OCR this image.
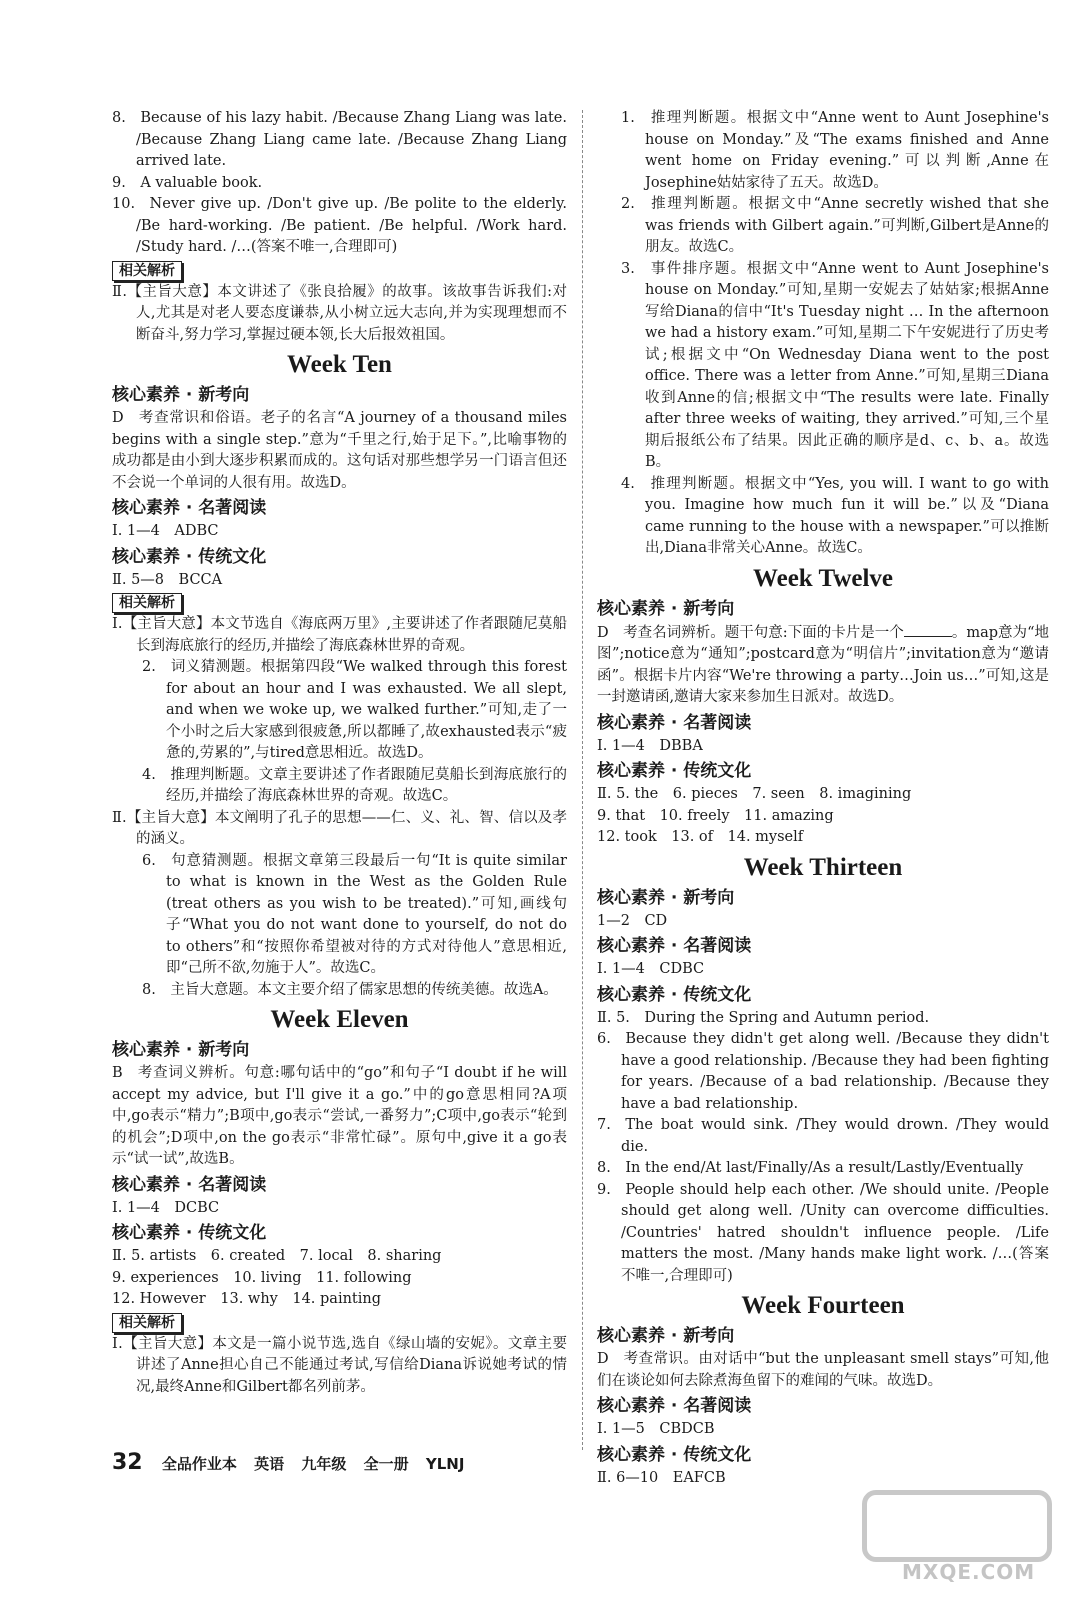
8. Because of his lazy habit. /Because Zhang Liang was late. /Because Zhang Liang came late. /Because Zhang Liang arrived late.

9. A valuable book.

10. Never give up. /Don't give up. /Be polite to the elderly. /Be hard-working. /Be patient. /Be helpful. /Work hard. /Study hard. /…(答案不唯一,合理即可)

相关解析

Ⅱ.【主旨大意】本文讲述了《张良拾履》的故事。该故事告诉我们:对人,尤其是对老人要态度谦恭,从小树立远大志向,并为实现理想而不断奋斗,努力学习,掌握过硬本领,长大后报效祖国。

Week Ten
核心素养 · 新考向

D 考查常识和俗语。老子的名言“A journey of a thousand miles begins with a single step.”意为“千里之行,始于足下。”,比喻事物的成功都是由小到大逐步积累而成的。这句话对那些想学另一门语言但还不会说一个单词的人很有用。故选D。

核心素养 · 名著阅读

Ⅰ. 1—4 ADBC

核心素养 · 传统文化

Ⅱ. 5—8 BCCA

相关解析

Ⅰ.【主旨大意】本文节选自《海底两万里》,主要讲述了作者跟随尼莫船长到海底旅行的经历,并描绘了海底森林世界的奇观。

2. 词义猜测题。根据第四段“We walked through this forest for about an hour and I was exhausted. We all slept, and when we woke up, we walked further.”可知,走了一个小时之后大家感到很疲惫,所以都睡了,故exhausted表示“疲惫的,劳累的”,与tired意思相近。故选D。

4. 推理判断题。文章主要讲述了作者跟随尼莫船长到海底旅行的经历,并描绘了海底森林世界的奇观。故选C。

Ⅱ.【主旨大意】本文阐明了孔子的思想——仁、义、礼、智、信以及孝的涵义。

6. 句意猜测题。根据文章第三段最后一句“It is quite similar to what is known in the West as the Golden Rule (treat others as you wish to be treated).”可知,画线句子“What you do not want done to yourself, do not do to others”和“按照你希望被对待的方式对待他人”意思相近,即“己所不欲,勿施于人”。故选C。

8. 主旨大意题。本文主要介绍了儒家思想的传统美德。故选A。

Week Eleven
核心素养 · 新考向

B 考查词义辨析。句意:哪句话中的“go”和句子“I doubt if he will accept my advice, but I'll give it a go.”中的go意思相同?A项中,go表示“精力”;B项中,go表示“尝试,一番努力”;C项中,go表示“轮到的机会”;D项中,on the go表示“非常忙碌”。原句中,give it a go表示“试一试”,故选B。

核心素养 · 名著阅读

Ⅰ. 1—4 DCBC

核心素养 · 传统文化

Ⅱ. 5. artists 6. created 7. local 8. sharing

9. experiences 10. living 11. following

12. However 13. why 14. painting

相关解析

Ⅰ.【主旨大意】本文是一篇小说节选,选自《绿山墙的安妮》。文章主要讲述了Anne担心自己不能通过考试,写信给Diana诉说她考试的情况,最终Anne和Gilbert都名列前茅。

1. 推理判断题。根据文中“Anne went to Aunt Josephine's house on Monday.”及“The exams finished and Anne went home on Friday evening.”可以判断,Anne在Josephine姑姑家待了五天。故选D。

2. 推理判断题。根据文中“Anne secretly wished that she was friends with Gilbert again.”可判断,Gilbert是Anne的朋友。故选C。

3. 事件排序题。根据文中“Anne went to Aunt Josephine's house on Monday.”可知,星期一安妮去了姑姑家;根据Anne写给Diana的信中“It's Tuesday night … In the afternoon we had a history exam.”可知,星期二下午安妮进行了历史考试;根据文中“On Wednesday Diana went to the post office. There was a letter from Anne.”可知,星期三Diana收到Anne的信;根据文中“The results were late. Finally after three weeks of waiting, they arrived.”可知,三个星期后报纸公布了结果。因此正确的顺序是d、c、b、a。故选B。

4. 推理判断题。根据文中“Yes, you will. I want to go with you. Imagine how much fun it will be.”以及“Diana came running to the house with a newspaper.”可以推断出,Diana非常关心Anne。故选C。

Week Twelve
核心素养 · 新考向

D 考查名词辨析。题干句意:下面的卡片是一个	。map意为“地图”;notice意为“通知”;postcard意为“明信片”;invitation意为“邀请函”。根据卡片内容“We're throwing a party…Join us…”可知,这是一封邀请函,邀请大家来参加生日派对。故选D。

核心素养 · 名著阅读

Ⅰ. 1—4 DBBA

核心素养 · 传统文化

Ⅱ. 5. the 6. pieces 7. seen 8. imagining

9. that 10. freely 11. amazing

12. took 13. of 14. myself

Week Thirteen
核心素养 · 新考向

1—2 CD

核心素养 · 名著阅读

Ⅰ. 1—4 CDBC

核心素养 · 传统文化

Ⅱ. 5. During the Spring and Autumn period.

6. Because they didn't get along well. /Because they didn't have a good relationship. /Because they had been fighting for years. /Because of a bad relationship. /Because they have a bad relationship.

7. The boat would sink. /They would drown. /They would die.

8. In the end/At last/Finally/As a result/Lastly/Eventually

9. People should help each other. /We should unite. /People should get along well. /Unity can overcome difficulties. /Countries' hatred shouldn't influence people. /Life matters the most. /Many hands make light work. /…(答案不唯一,合理即可)

Week Fourteen
核心素养 · 新考向

D 考查常识。由对话中“but the unpleasant smell stays”可知,他们在谈论如何去除煮海鱼留下的难闻的气味。故选D。

核心素养 · 名著阅读

Ⅰ. 1—5 CBDCB

核心素养 · 传统文化

Ⅱ. 6—10 EAFCB

32 全品作业本 英语 九年级 全一册 YLNJ
MXQE.COM
